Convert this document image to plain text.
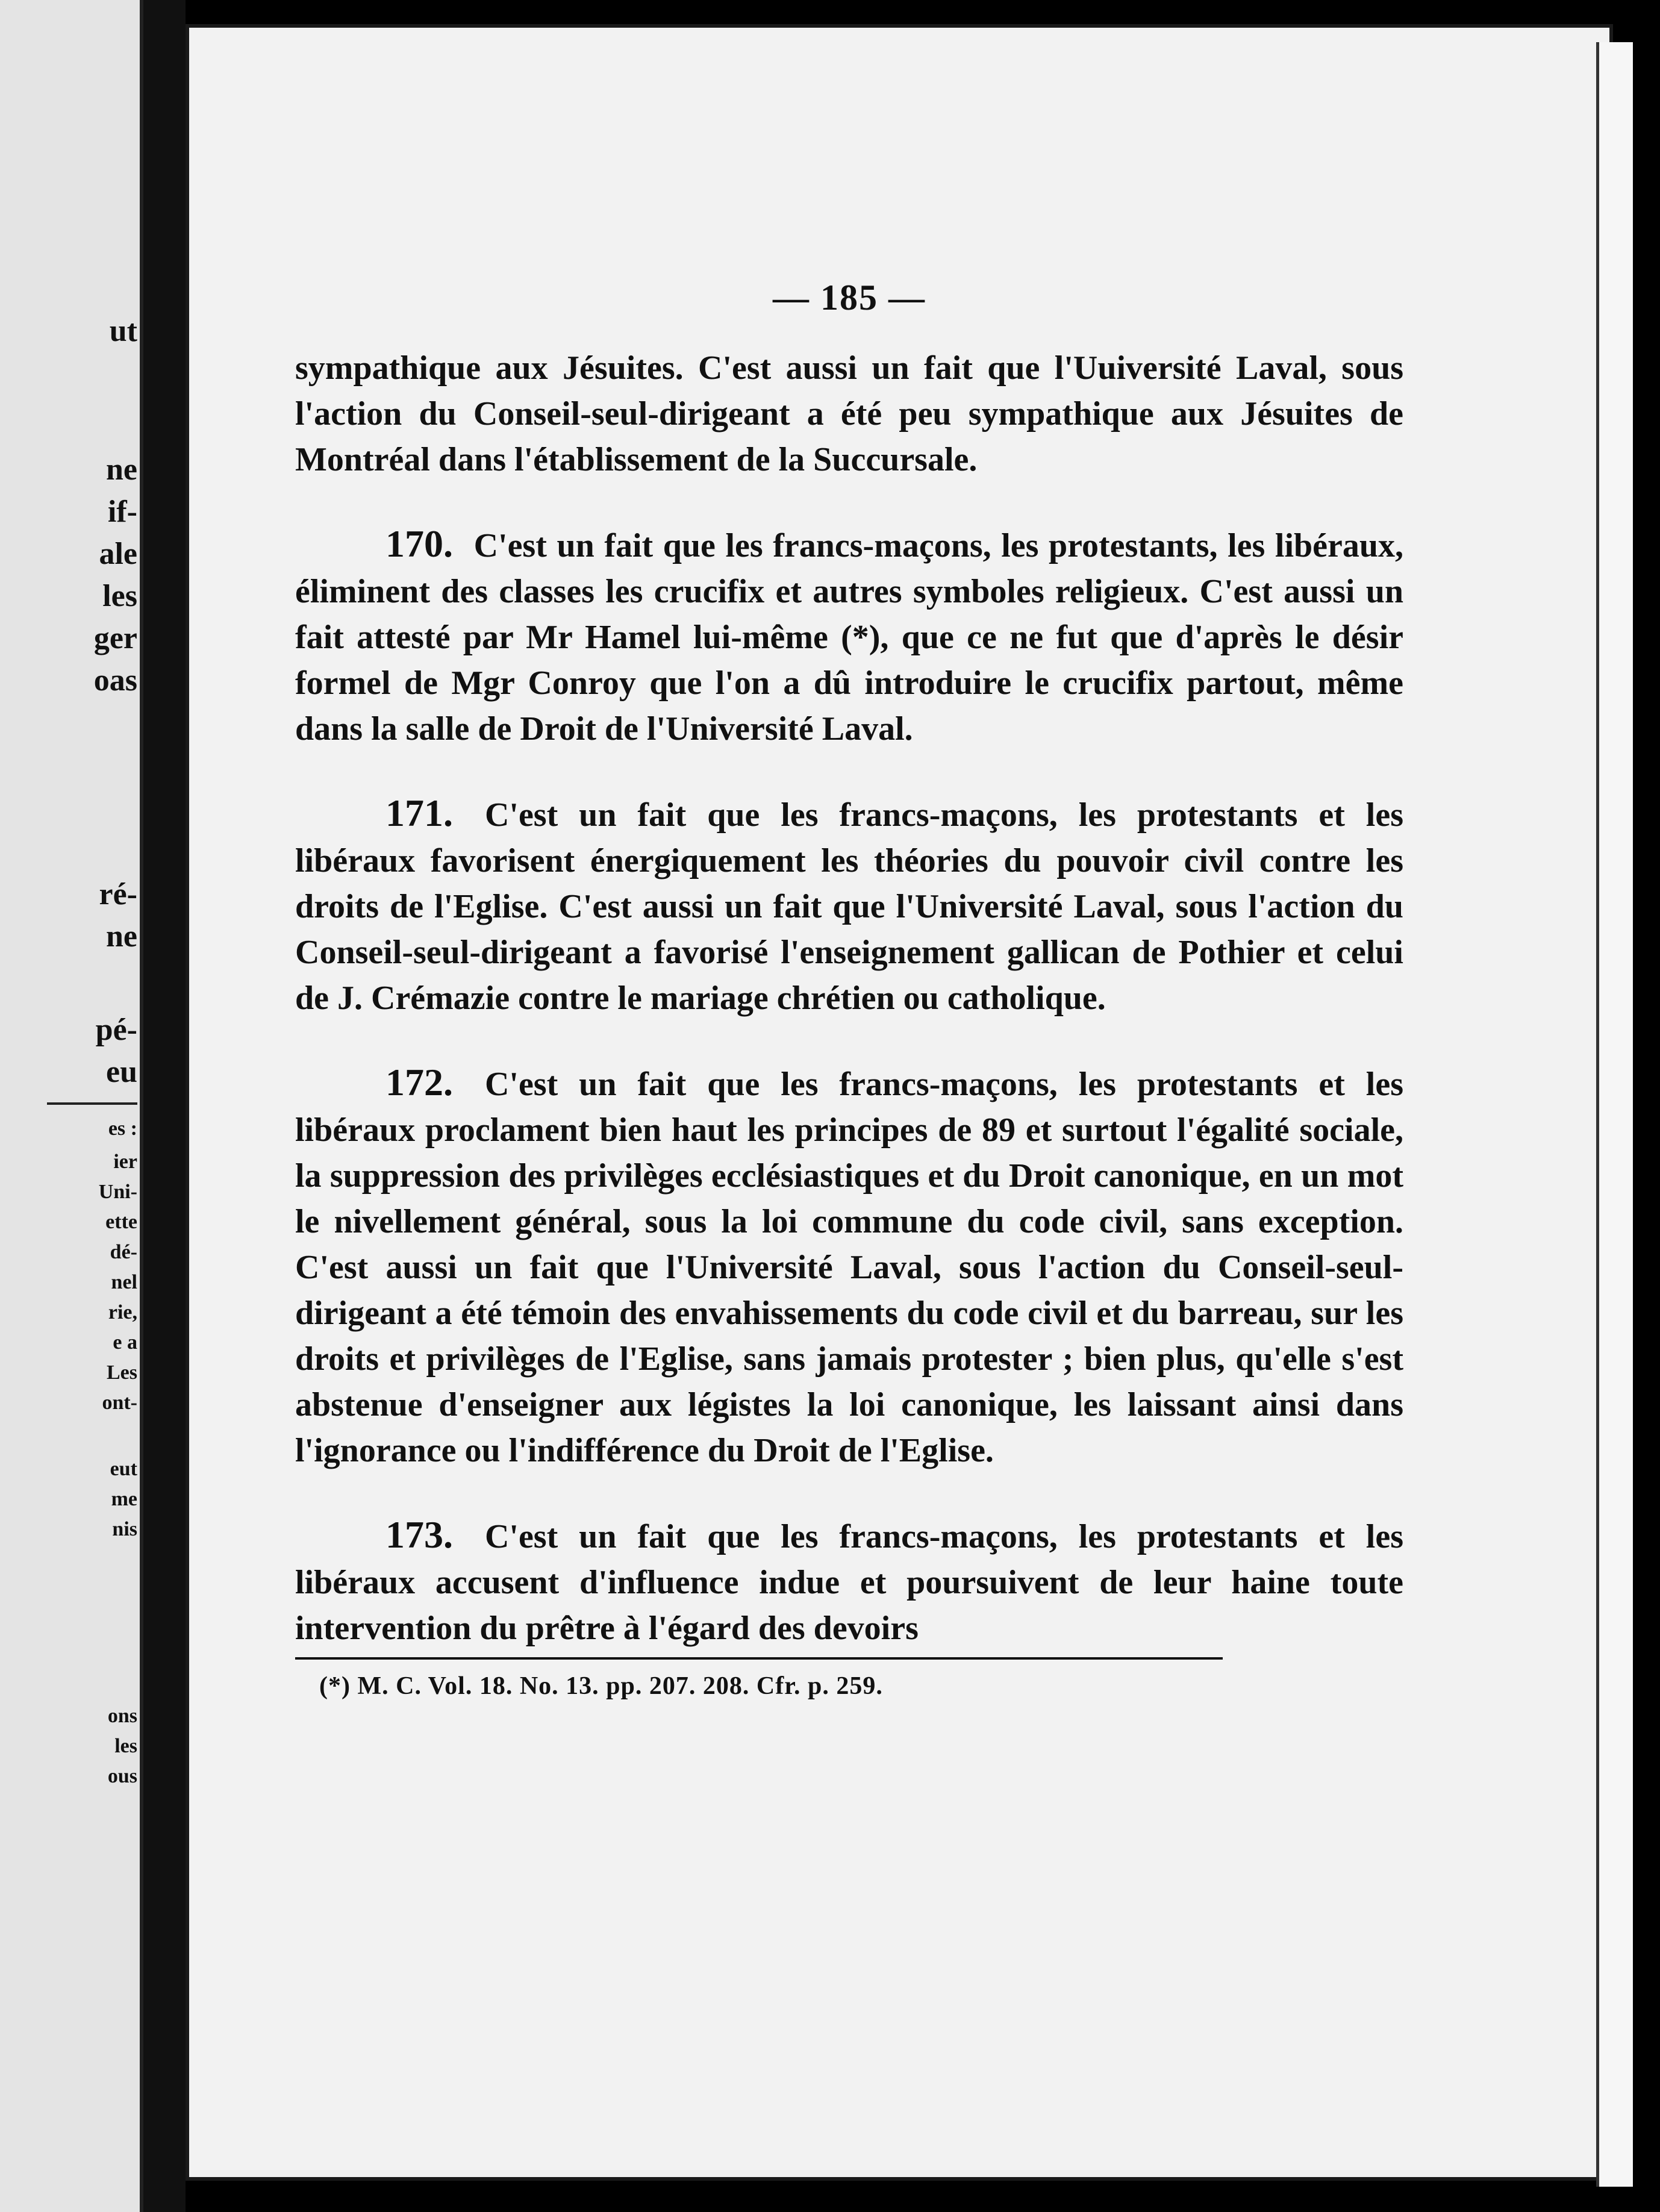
ut
ne
if-
ale
les
ger
oas
ré-
ne
pé-
eu
es :
ier
Uni-
ette
dé-
nel
rie,
e a
Les
ont-
eut
me
nis
ons
les
ous
— 185 —

sympathique aux Jésuites. C'est aussi un fait que l'Uuiversité Laval, sous l'action du Conseil-seul-dirigeant a été peu sympathique aux Jésuites de Montréal dans l'établissement de la Succursale.

170. C'est un fait que les francs-maçons, les protestants, les libéraux, éliminent des classes les crucifix et autres symboles religieux. C'est aussi un fait attesté par Mr Hamel lui-même (*), que ce ne fut que d'après le désir formel de Mgr Conroy que l'on a dû introduire le crucifix partout, même dans la salle de Droit de l'Université Laval.

171. C'est un fait que les francs-maçons, les protestants et les libéraux favorisent énergiquement les théories du pouvoir civil contre les droits de l'Eglise. C'est aussi un fait que l'Université Laval, sous l'action du Conseil-seul-dirigeant a favorisé l'enseignement gallican de Pothier et celui de J. Crémazie contre le mariage chrétien ou catholique.

172. C'est un fait que les francs-maçons, les protestants et les libéraux proclament bien haut les principes de 89 et surtout l'égalité sociale, la suppression des privilèges ecclésiastiques et du Droit canonique, en un mot le nivellement général, sous la loi commune du code civil, sans exception. C'est aussi un fait que l'Université Laval, sous l'action du Conseil-seul-dirigeant a été témoin des envahissements du code civil et du barreau, sur les droits et privilèges de l'Eglise, sans jamais protester ; bien plus, qu'elle s'est abstenue d'enseigner aux légistes la loi canonique, les laissant ainsi dans l'ignorance ou l'indifférence du Droit de l'Eglise.

173. C'est un fait que les francs-maçons, les protestants et les libéraux accusent d'influence indue et poursuivent de leur haine toute intervention du prêtre à l'égard des devoirs

(*) M. C. Vol. 18. No. 13. pp. 207. 208. Cfr. p. 259.
